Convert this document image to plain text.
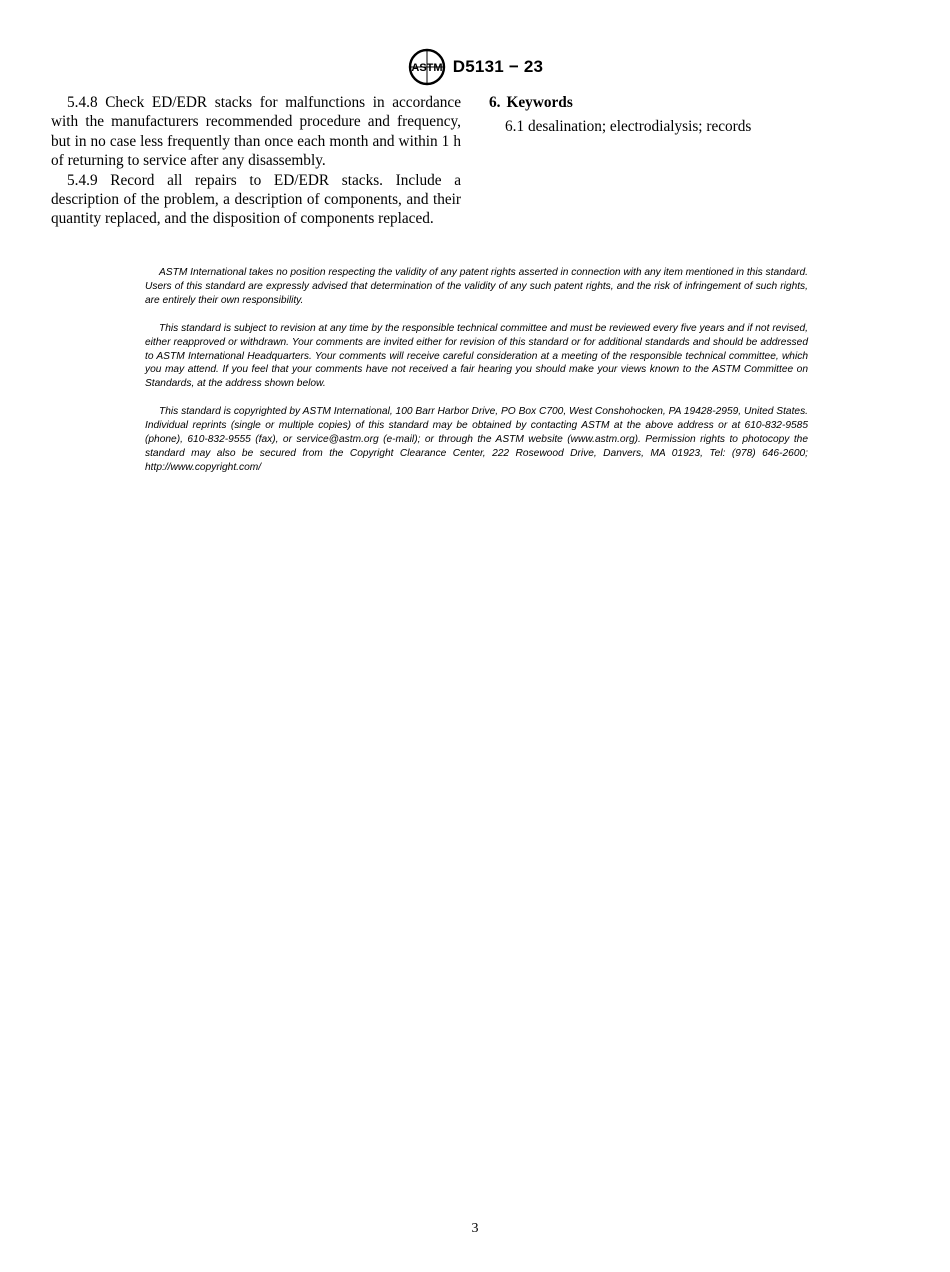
ASTM D5131 − 23

5.4.8 Check ED/EDR stacks for malfunctions in accordance with the manufacturers recommended procedure and frequency, but in no case less frequently than once each month and within 1 h of returning to service after any disassembly.

5.4.9 Record all repairs to ED/EDR stacks. Include a description of the problem, a description of components, and their quantity replaced, and the disposition of components replaced.

6. Keywords

6.1 desalination; electrodialysis; records

ASTM International takes no position respecting the validity of any patent rights asserted in connection with any item mentioned in this standard. Users of this standard are expressly advised that determination of the validity of any such patent rights, and the risk of infringement of such rights, are entirely their own responsibility.

This standard is subject to revision at any time by the responsible technical committee and must be reviewed every five years and if not revised, either reapproved or withdrawn. Your comments are invited either for revision of this standard or for additional standards and should be addressed to ASTM International Headquarters. Your comments will receive careful consideration at a meeting of the responsible technical committee, which you may attend. If you feel that your comments have not received a fair hearing you should make your views known to the ASTM Committee on Standards, at the address shown below.

This standard is copyrighted by ASTM International, 100 Barr Harbor Drive, PO Box C700, West Conshohocken, PA 19428-2959, United States. Individual reprints (single or multiple copies) of this standard may be obtained by contacting ASTM at the above address or at 610-832-9585 (phone), 610-832-9555 (fax), or service@astm.org (e-mail); or through the ASTM website (www.astm.org). Permission rights to photocopy the standard may also be secured from the Copyright Clearance Center, 222 Rosewood Drive, Danvers, MA 01923, Tel: (978) 646-2600; http://www.copyright.com/

3
